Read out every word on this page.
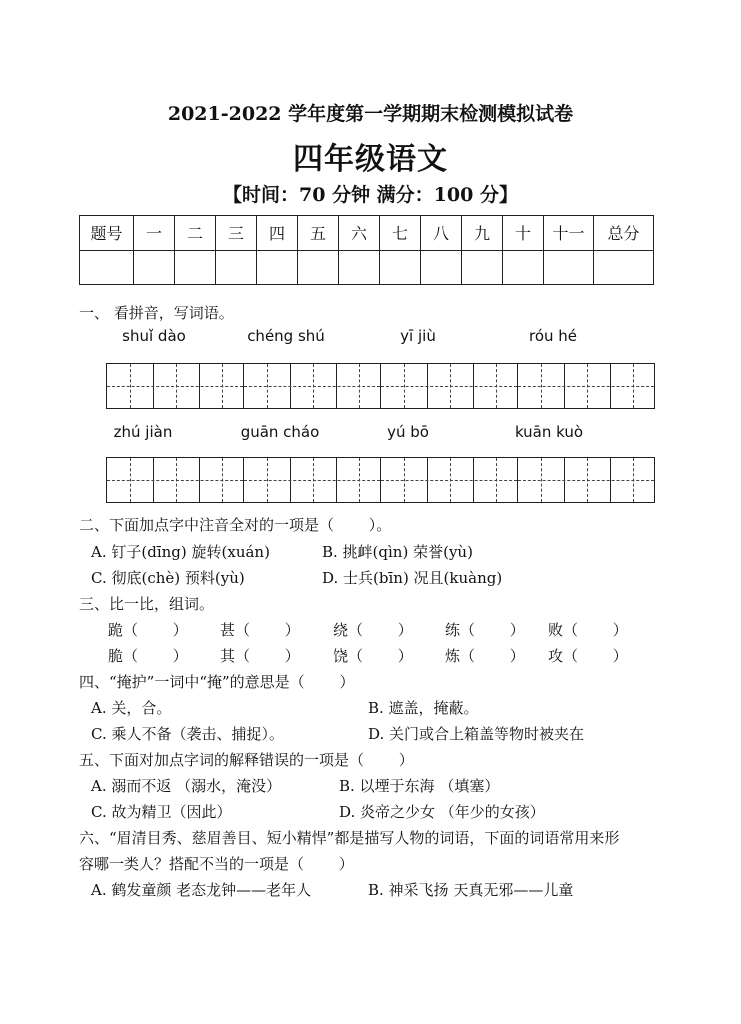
2021-2022 学年度第一学期期末检测模拟试卷
四年级语文
【时间：70 分钟 满分：100 分】
题号	一	二	三	四	五	六	七	八	九	十	十一	总分

一、 看拼音，写词语。
shuǐ dào	chéng shú	yī jiù	róu hé
zhú jiàn	guān cháo	yú bō	kuān kuò
二、下面加点字中注音全对的一项是（　　 ）。
A. 钉子(dīng) 旋转(xuán)	B. 挑衅(qìn) 荣誉(yù)
C. 彻底(chè) 预料(yù)	D. 士兵(bīn) 况且(kuàng)
三、比一比，组词。
跪（　　 ） 甚（　　 ） 绕（　　 ） 练（　　 ） 败（　　 ）
脆（　　 ） 其（　　 ） 饶（　　 ） 炼（　　 ） 攻（　　 ）
四、“掩护”一词中“掩”的意思是（　　 ）
A. 关，合。	B. 遮盖，掩蔽。
C. 乘人不备（袭击、捕捉）。	D. 关门或合上箱盖等物时被夹在
五、下面对加点字词的解释错误的一项是（　　 ）
A. 溺而不返 （溺水，淹没）	B. 以堙于东海 （填塞）
C. 故为精卫（因此）	D. 炎帝之少女 （年少的女孩）
六、“眉清目秀、慈眉善目、短小精悍”都是描写人物的词语，下面的词语常用来形
容哪一类人？搭配不当的一项是（　　 ）
A. 鹤发童颜 老态龙钟——老年人	B. 神采飞扬 天真无邪——儿童
